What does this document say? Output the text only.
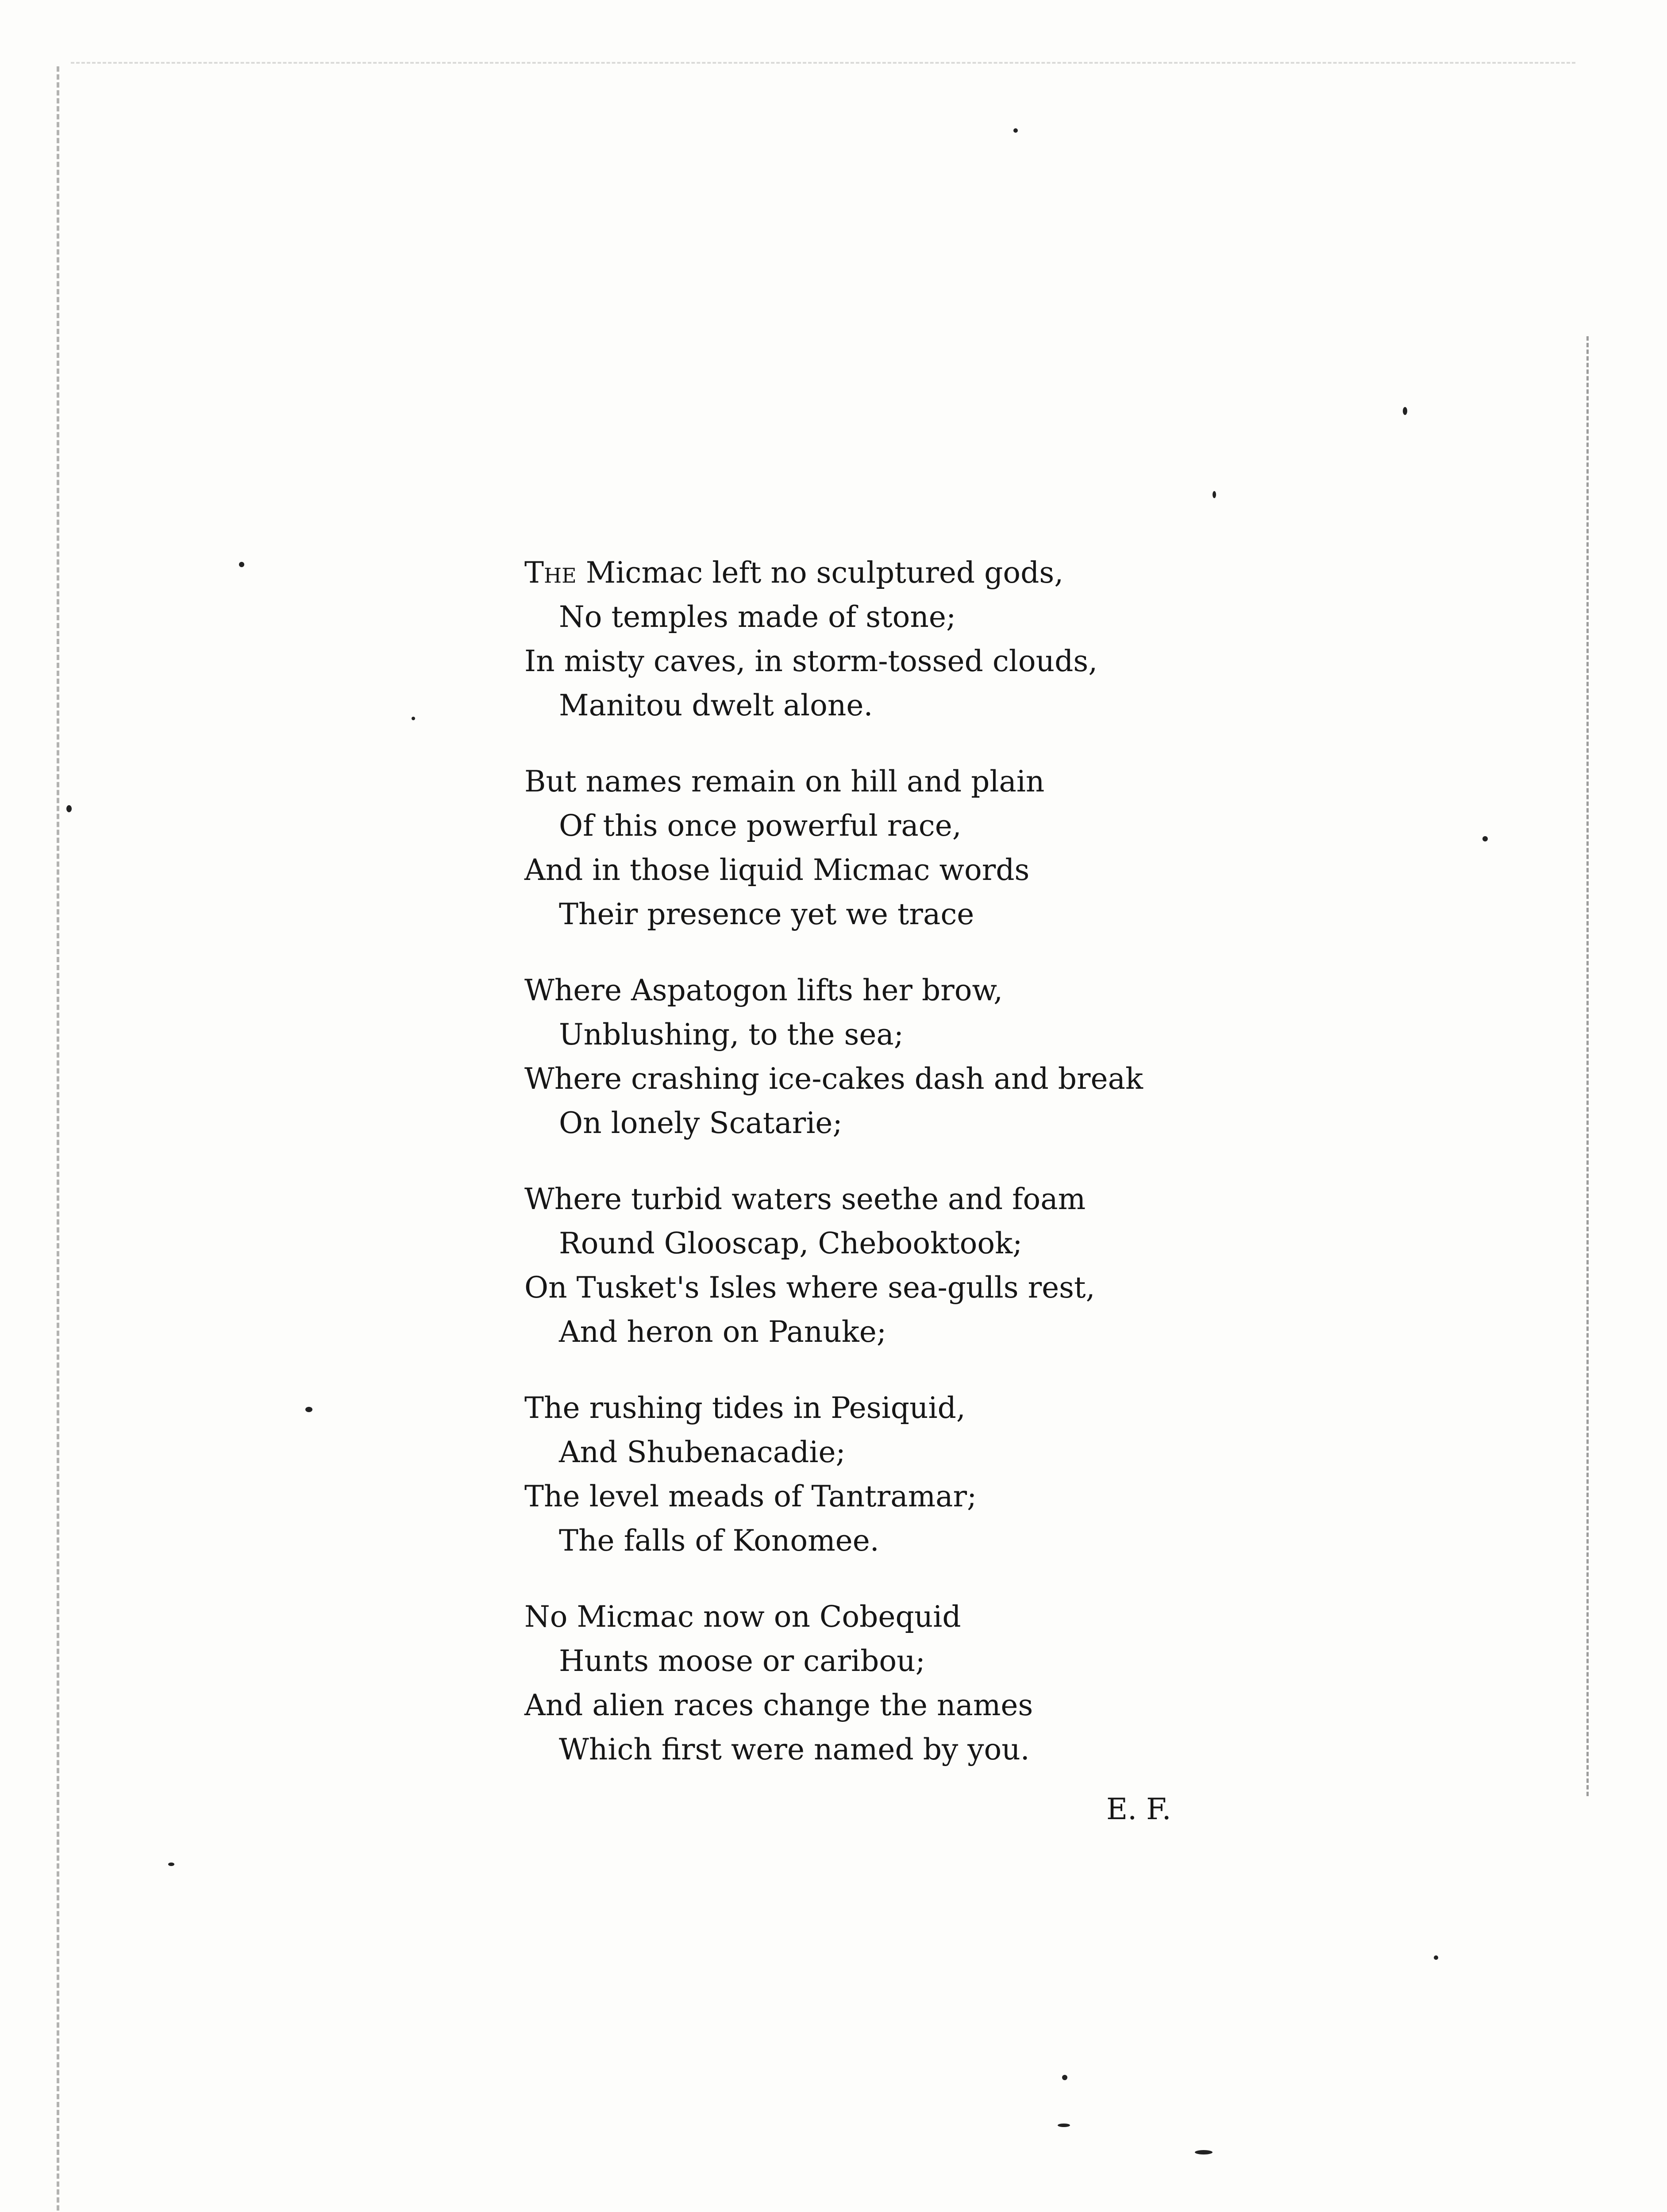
The Micmac left no sculptured gods,
No temples made of stone;
In misty caves, in storm-tossed clouds,
Manitou dwelt alone.
But names remain on hill and plain
Of this once powerful race,
And in those liquid Micmac words
Their presence yet we trace
Where Aspatogon lifts her brow,
Unblushing, to the sea;
Where crashing ice-cakes dash and break
On lonely Scatarie;
Where turbid waters seethe and foam
Round Glooscap, Chebooktook;
On Tusket's Isles where sea-gulls rest,
And heron on Panuke;
The rushing tides in Pesiquid,
And Shubenacadie;
The level meads of Tantramar;
The falls of Konomee.
No Micmac now on Cobequid
Hunts moose or caribou;
And alien races change the names
Which first were named by you.
E. F.
